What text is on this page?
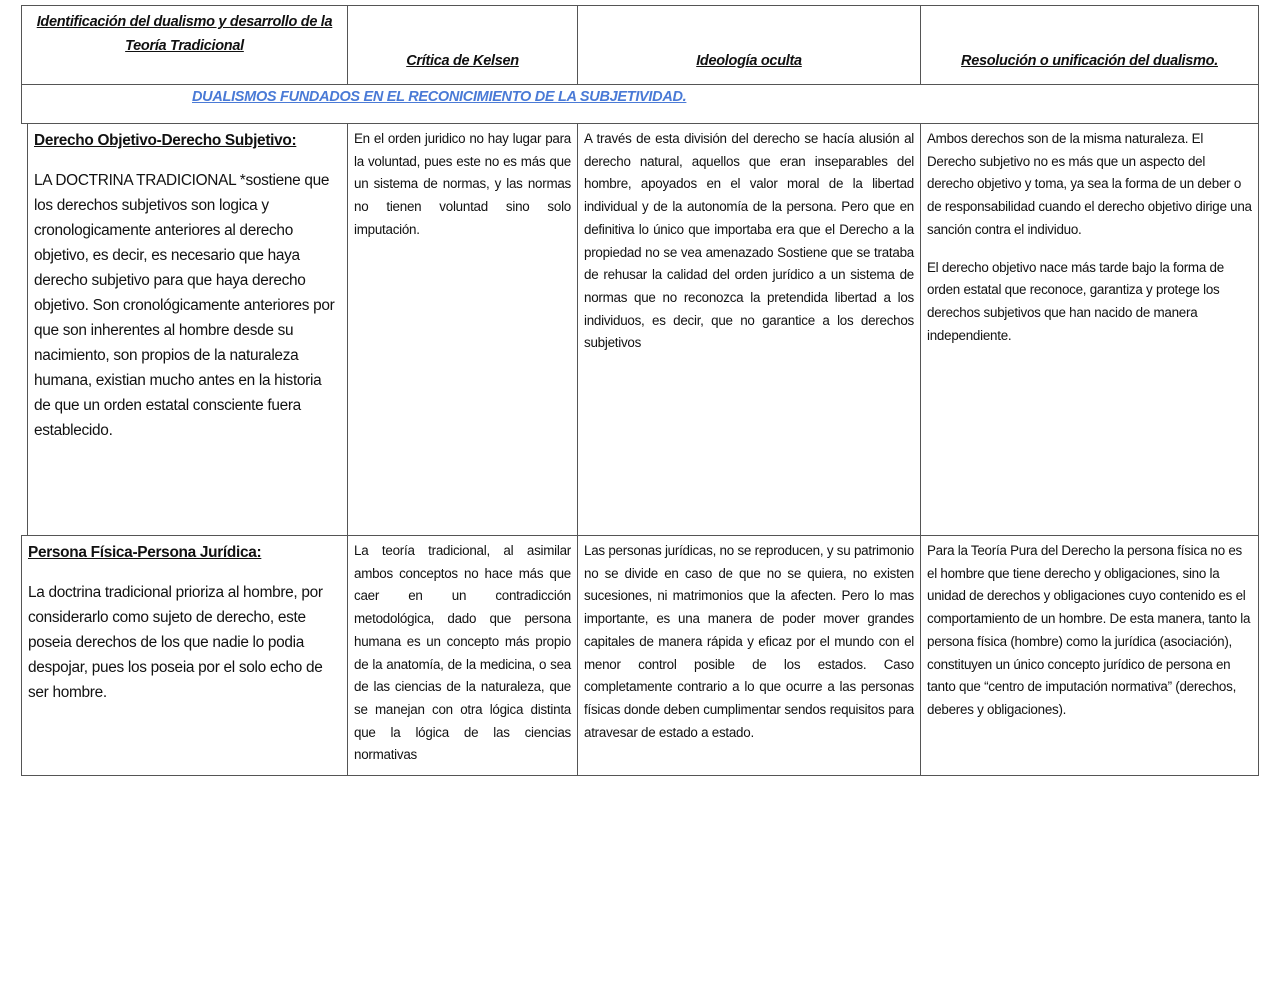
Identificación del dualismo y desarrollo de la Teoría Tradicional
Crítica de Kelsen	Ideología oculta	Resolución o unificación del dualismo.
DUALISMOS FUNDADOS EN EL RECONICIMIENTO DE LA SUBJETIVIDAD.
Derecho Objetivo-Derecho Subjetivo:
LA DOCTRINA TRADICIONAL *sostiene que los derechos subjetivos son logica y cronologicamente anteriores al derecho objetivo, es decir, es necesario que haya derecho subjetivo para que haya derecho objetivo. Son cronológicamente anteriores por que son inherentes al hombre desde su nacimiento, son propios de la naturaleza humana, existian mucho antes en la historia de que un orden estatal consciente fuera establecido.
En el orden juridico no hay lugar para la voluntad, pues este no es más que un sistema de normas, y las normas no tienen voluntad sino solo imputación.
A través de esta división del derecho se hacía alusión al derecho natural, aquellos que eran inseparables del hombre, apoyados en el valor moral de la libertad individual y de la autonomía de la persona. Pero que en definitiva lo único que importaba era que el Derecho a la propiedad no se vea amenazado Sostiene que se trataba de rehusar la calidad del orden jurídico a un sistema de normas que no reconozca la pretendida libertad a los individuos, es decir, que no garantice a los derechos subjetivos

Ambos derechos son de la misma naturaleza. El Derecho subjetivo no es más que un aspecto del derecho objetivo y toma, ya sea la forma de un deber o de responsabilidad cuando el derecho objetivo dirige una sanción contra el individuo.

El derecho objetivo nace más tarde bajo la forma de orden estatal que reconoce, garantiza y protege los derechos subjetivos que han nacido de manera independiente.

Persona Física-Persona Jurídica:
La doctrina tradicional prioriza al hombre, por considerarlo como sujeto de derecho, este poseia derechos de los que nadie lo podia despojar, pues los poseia por el solo echo de ser hombre.
La teoría tradicional, al asimilar ambos conceptos no hace más que caer en un contradicción metodológica, dado que persona humana es un concepto más propio de la anatomía, de la medicina, o sea de las ciencias de la naturaleza, que se manejan con otra lógica distinta que la lógica de las ciencias normativas
Las personas jurídicas, no se reproducen, y su patrimonio no se divide en caso de que no se quiera, no existen sucesiones, ni matrimonios que la afecten. Pero lo mas importante, es una manera de poder mover grandes capitales de manera rápida y eficaz por el mundo con el menor control posible de los estados. Caso completamente contrario a lo que ocurre a las personas físicas donde deben cumplimentar sendos requisitos para atravesar de estado a estado.

Para la Teoría Pura del Derecho la persona física no es el hombre que tiene derecho y obligaciones, sino la unidad de derechos y obligaciones cuyo contenido es el comportamiento de un hombre. De esta manera, tanto la persona física (hombre) como la jurídica (asociación), constituyen un único concepto jurídico de persona en tanto que “centro de imputación normativa” (derechos, deberes y obligaciones).
